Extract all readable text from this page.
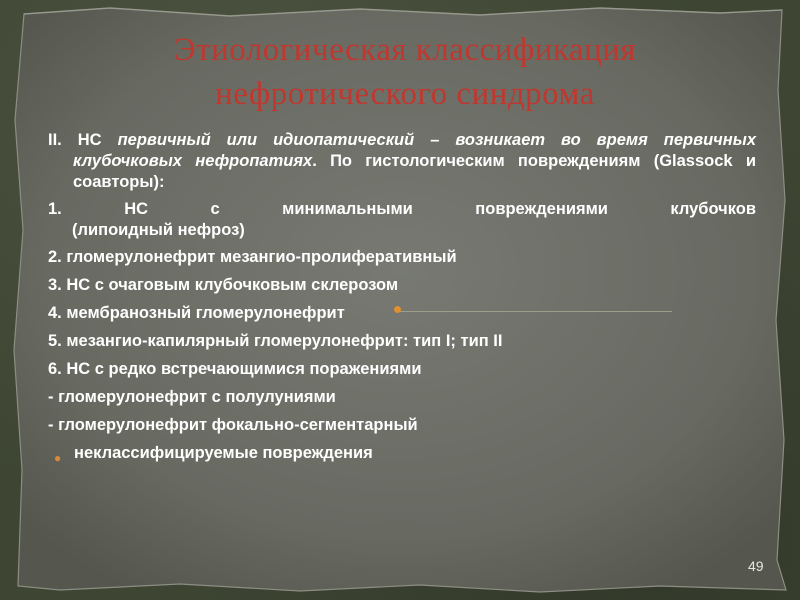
Этиологическая классификация
нефротического синдрома

II. НС первичный или идиопатический – возникает во время первичных клубочковых нефропатиях. По гистологическим повреждениям (Glassock и соавторы):

1. НС с минимальными повреждениями клубочков
(липоидный нефроз)

2. гломерулонефрит мезангио-пролиферативный
3. НС с очаговым клубочковым склерозом
4. мембранозный гломерулонефрит
5. мезангио-капилярный гломерулонефрит: тип I; тип II
6. НС с редко встречающимися поражениями
- гломерулонефрит с полулуниями
- гломерулонефрит фокально-сегментарный
● неклассифицируемые повреждения
49
